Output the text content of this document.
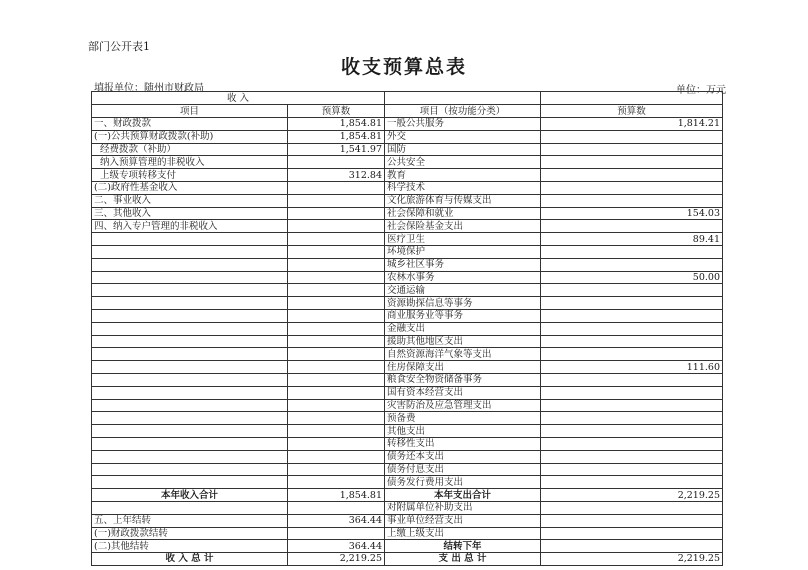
部门公开表1
收支预算总表
填报单位：随州市财政局	单位：万元
收 入			
项目	预算数	项目（按功能分类）	预算数
一、财政拨款	1,854.81	一般公共服务	1,814.21
(一)公共预算财政拨款(补助)	1,854.81	外交	
经费拨款（补助）	1,541.97	国防	
纳入预算管理的非税收入		公共安全	
上级专项转移支付	312.84	教育	
(二)政府性基金收入		科学技术	
二、事业收入		文化旅游体育与传媒支出	
三、其他收入		社会保障和就业	154.03
四、纳入专户管理的非税收入		社会保险基金支出	
		医疗卫生	89.41
		环境保护	
		城乡社区事务	
		农林水事务	50.00
		交通运输	
		资源勘探信息等事务	
		商业服务业等事务	
		金融支出	
		援助其他地区支出	
		自然资源海洋气象等支出	
		住房保障支出	111.60
		粮食安全物资储备事务	
		国有资本经营支出	
		灾害防治及应急管理支出	
		预备费	
		其他支出	
		转移性支出	
		债务还本支出	
		债务付息支出	
		债务发行费用支出	
本年收入合计	1,854.81	本年支出合计	2,219.25
		对附属单位补助支出	
五、上年结转	364.44	事业单位经营支出	
(一)财政拨款结转		上缴上级支出	
(二)其他结转	364.44	结转下年	
收 入 总 计	2,219.25	支 出 总 计	2,219.25
